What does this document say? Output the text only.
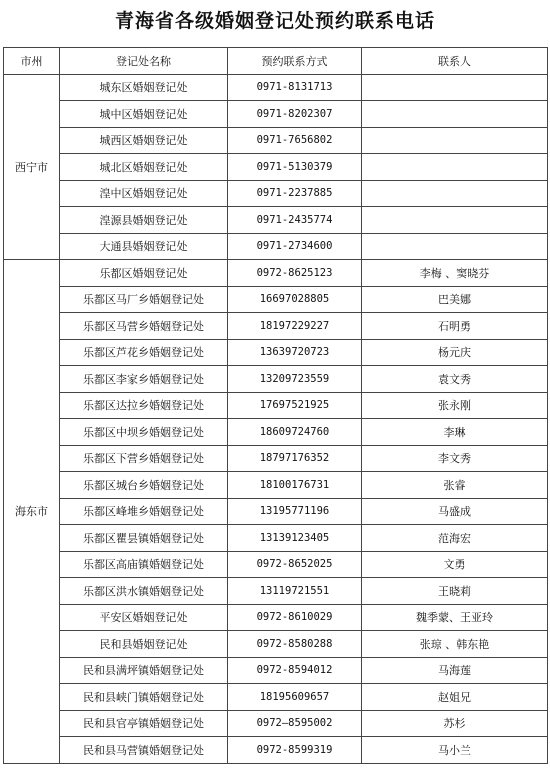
青海省各级婚姻登记处预约联系电话
市州	登记处名称	预约联系方式	联系人
西宁市	城东区婚姻登记处	0971-8131713	
	城中区婚姻登记处	0971-8202307	
	城西区婚姻登记处	0971-7656802	
	城北区婚姻登记处	0971-5130379	
	湟中区婚姻登记处	0971-2237885	
	湟源县婚姻登记处	0971-2435774	
	大通县婚姻登记处	0971-2734600	
海东市	乐都区婚姻登记处	0972-8625123	李梅 、窦晓芬
	乐都区马厂乡婚姻登记处	16697028805	巴美娜
	乐都区马营乡婚姻登记处	18197229227	石明勇
	乐都区芦花乡婚姻登记处	13639720723	杨元庆
	乐都区李家乡婚姻登记处	13209723559	袁文秀
	乐都区达拉乡婚姻登记处	17697521925	张永刚
	乐都区中坝乡婚姻登记处	18609724760	李琳
	乐都区下营乡婚姻登记处	18797176352	李文秀
	乐都区城台乡婚姻登记处	18100176731	张睿
	乐都区峰堆乡婚姻登记处	13195771196	马盛成
	乐都区瞿昙镇婚姻登记处	13139123405	范海宏
	乐都区高庙镇婚姻登记处	0972-8652025	文勇
	乐都区洪水镇婚姻登记处	13119721551	王晓莉
	平安区婚姻登记处	0972-8610029	魏季蒙、王亚玲
	民和县婚姻登记处	0972-8580288	张琼 、韩东艳
	民和县满坪镇婚姻登记处	0972-8594012	马海莲
	民和县峡门镇婚姻登记处	18195609657	赵姐兄
	民和县官亭镇婚姻登记处	0972—8595002	苏杉
	民和县马营镇婚姻登记处	0972-8599319	马小兰
